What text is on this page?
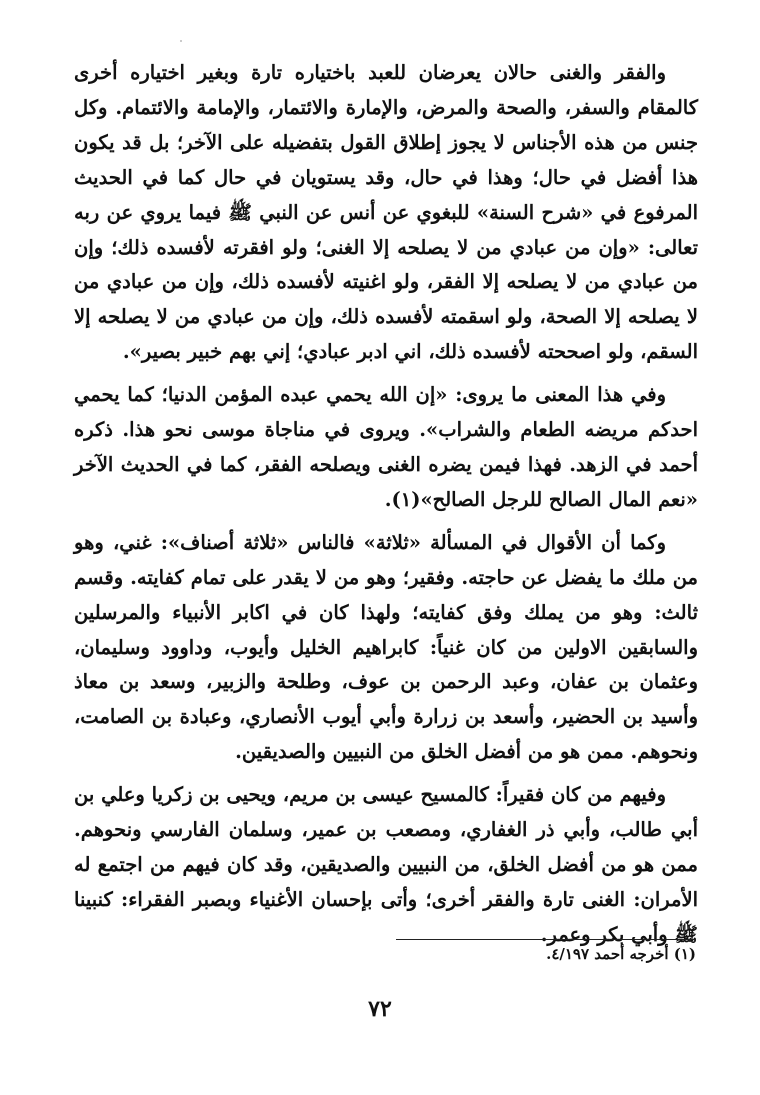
والفقر والغنى حالان يعرضان للعبد باختياره تارة وبغير اختياره أخرى كالمقام والسفر، والصحة والمرض، والإمارة والائتمار، والإمامة والائتمام. وكل جنس من هذه الأجناس لا يجوز إطلاق القول بتفضيله على الآخر؛ بل قد يكون هذا أفضل في حال؛ وهذا في حال، وقد يستويان في حال كما في الحديث المرفوع في «شرح السنة» للبغوي عن أنس عن النبي ﷺ فيما يروي عن ربه تعالى: «وإن من عبادي من لا يصلحه إلا الغنى؛ ولو افقرته لأفسده ذلك؛ وإن من عبادي من لا يصلحه إلا الفقر، ولو اغنيته لأفسده ذلك، وإن من عبادي من لا يصلحه إلا الصحة، ولو اسقمته لأفسده ذلك، وإن من عبادي من لا يصلحه إلا السقم، ولو اصححته لأفسده ذلك، اني ادبر عبادي؛ إني بهم خبير بصير».

وفي هذا المعنى ما يروى: «إن الله يحمي عبده المؤمن الدنيا؛ كما يحمي احدكم مريضه الطعام والشراب». ويروى في مناجاة موسى نحو هذا. ذكره أحمد في الزهد. فهذا فيمن يضره الغنى ويصلحه الفقر، كما في الحديث الآخر «نعم المال الصالح للرجل الصالح»(١).

وكما أن الأقوال في المسألة «ثلاثة» فالناس «ثلاثة أصناف»: غني، وهو من ملك ما يفضل عن حاجته. وفقير؛ وهو من لا يقدر على تمام كفايته. وقسم ثالث: وهو من يملك وفق كفايته؛ ولهذا كان في اكابر الأنبياء والمرسلين والسابقين الاولين من كان غنياً: كابراهيم الخليل وأيوب، وداوود وسليمان، وعثمان بن عفان، وعبد الرحمن بن عوف، وطلحة والزبير، وسعد بن معاذ وأسيد بن الحضير، وأسعد بن زرارة وأبي أيوب الأنصاري، وعبادة بن الصامت، ونحوهم. ممن هو من أفضل الخلق من النبيين والصديقين.

وفيهم من كان فقيراً: كالمسيح عيسى بن مريم، ويحيى بن زكريا وعلي بن أبي طالب، وأبي ذر الغفاري، ومصعب بن عمير، وسلمان الفارسي ونحوهم. ممن هو من أفضل الخلق، من النبيين والصديقين، وقد كان فيهم من اجتمع له الأمران: الغنى تارة والفقر أخرى؛ وأتى بإحسان الأغنياء وبصبر الفقراء: كنبينا ﷺ وأبي بكر وعمر.

(١) أخرجه أحمد ٤/١٩٧.
٧٢
